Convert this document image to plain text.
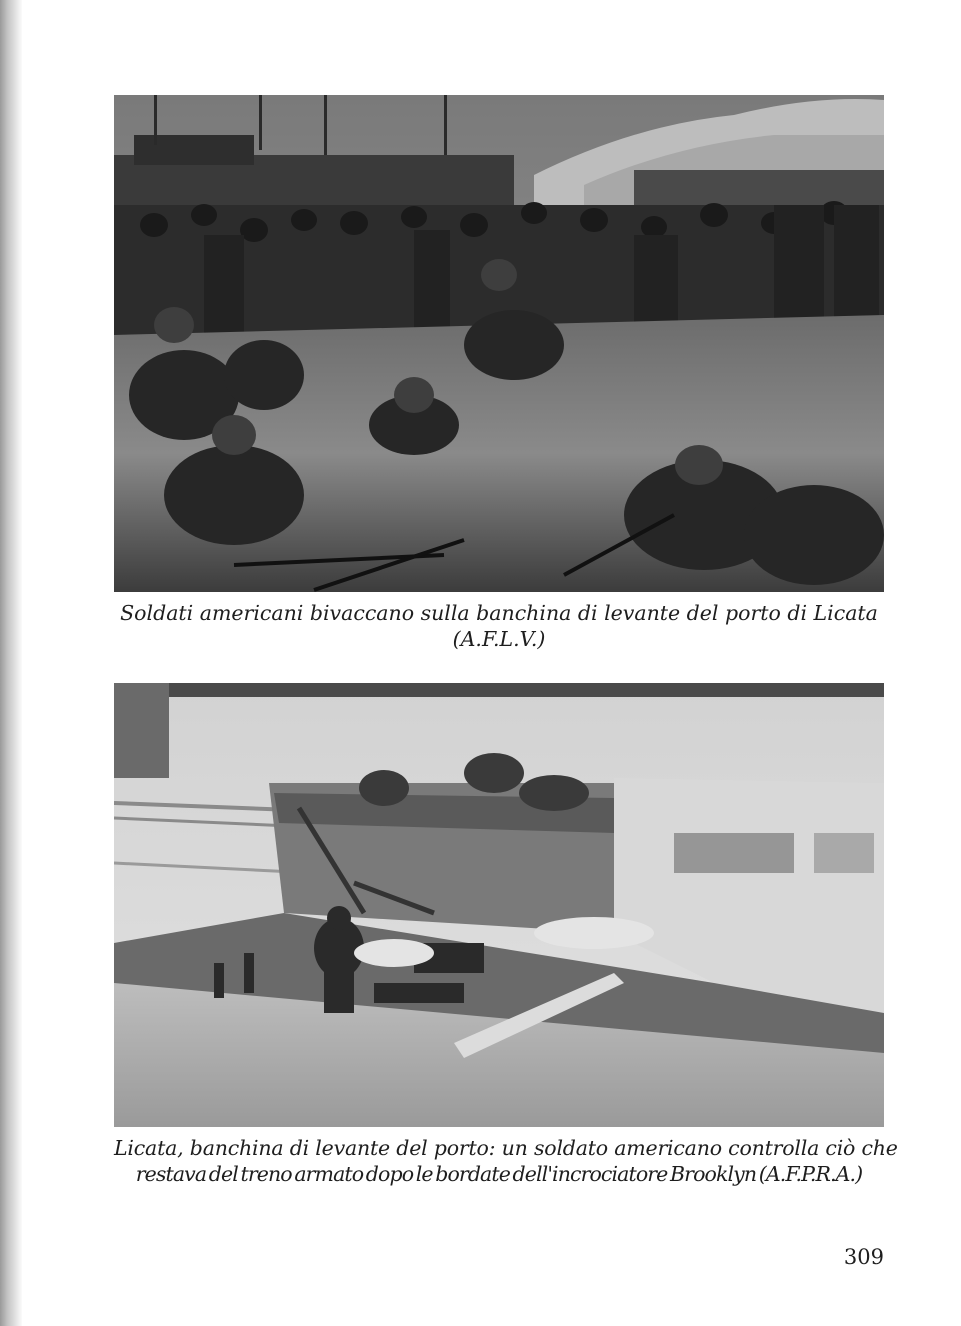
Soldati americani bivaccano sulla banchina di levante del porto di Licata
(A.F.L.V.)
Licata, banchina di levante del porto: un soldato americano controlla ciò che
restava del treno armato dopo le bordate dell'incrociatore Brooklyn (A.F.P.R.A.)
309
